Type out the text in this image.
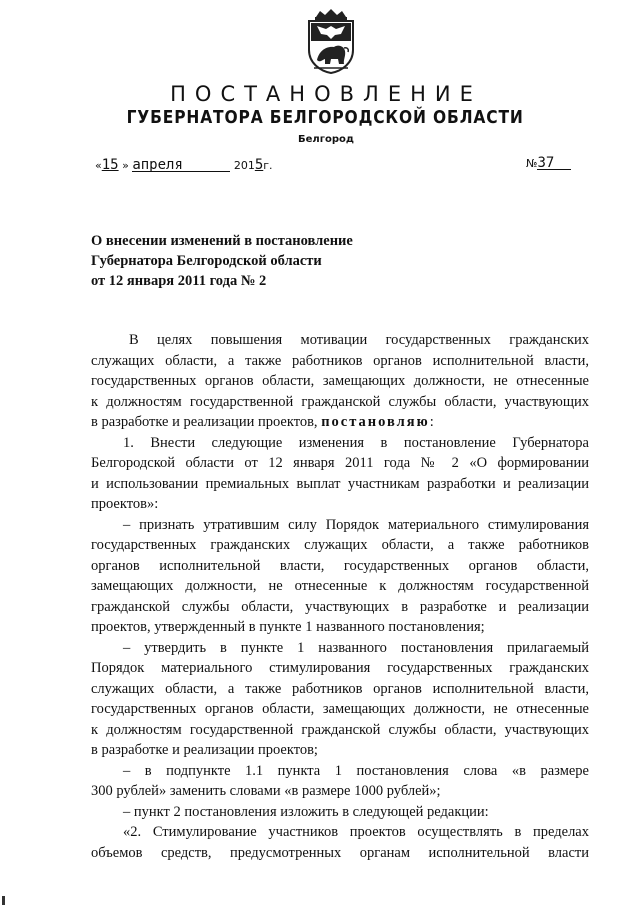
ПОСТАНОВЛЕНИЕ
ГУБЕРНАТОРА БЕЛГОРОДСКОЙ ОБЛАСТИ
Белгород
«15 » апреля	2015г.	№37
О внесении изменений в постановление
Губернатора Белгородской области
от 12 января 2011 года № 2
В целях повышения мотивации государственных гражданских
служащих области, а также работников органов исполнительной власти,
государственных органов области, замещающих должности, не отнесенные
к должностям государственной гражданской службы области, участвующих
в разработке и реализации проектов, постановляю:
1. Внести следующие изменения в постановление Губернатора
Белгородской области от 12 января 2011 года № 2 «О формировании
и использовании премиальных выплат участникам разработки и реализации
проектов»:
– признать утратившим силу Порядок материального стимулирования
государственных гражданских служащих области, а также работников
органов исполнительной власти, государственных органов области,
замещающих должности, не отнесенные к должностям государственной
гражданской службы области, участвующих в разработке и реализации
проектов, утвержденный в пункте 1 названного постановления;
– утвердить в пункте 1 названного постановления прилагаемый
Порядок материального стимулирования государственных гражданских
служащих области, а также работников органов исполнительной власти,
государственных органов области, замещающих должности, не отнесенные
к должностям государственной гражданской службы области, участвующих
в разработке и реализации проектов;
– в подпункте 1.1 пункта 1 постановления слова «в размере
300 рублей» заменить словами «в размере 1000 рублей»;
– пункт 2 постановления изложить в следующей редакции:
«2. Стимулирование участников проектов осуществлять в пределах
объемов средств, предусмотренных органам исполнительной власти
